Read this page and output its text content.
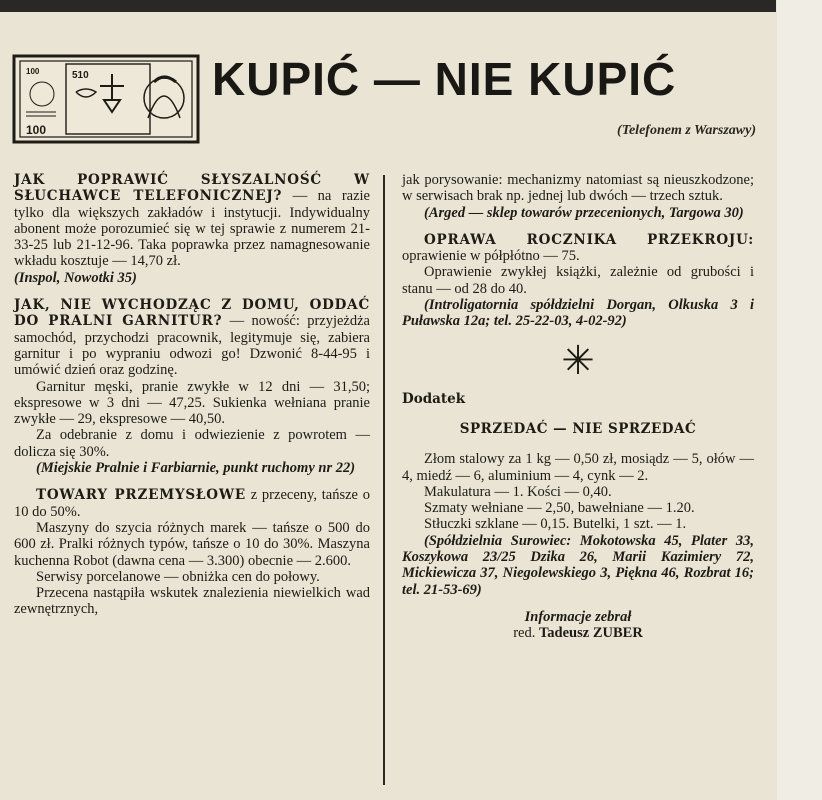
100	510
100
KUPIĆ — NIE KUPIĆ
(Telefonem z Warszawy)

JAK POPRAWIĆ SŁYSZALNOŚĆ W SŁUCHAWCE TELEFONICZNEJ? — na razie tylko dla większych zakładów i instytucji. Indywidualny abonent może porozumieć się w tej sprawie z numerem 21-33-25 lub 21-12-96. Taka poprawka przez namagnesowanie wkładu kosztuje — 14,70 zł.

(Inspol, Nowotki 35)

JAK, NIE WYCHODZĄC Z DOMU, ODDAĆ DO PRALNI GARNITUR? — nowość: przyjeżdża samochód, przychodzi pracownik, legitymuje się, zabiera garnitur i po wypraniu odwozi go! Dzwonić 8-44-95 i umówić dzień oraz godzinę.

Garnitur męski, pranie zwykłe w 12 dni — 31,50; ekspresowe w 3 dni — 47,25. Sukienka wełniana pranie zwykłe — 29, ekspresowe — 40,50.

Za odebranie z domu i odwiezienie z powrotem — dolicza się 30%.

(Miejskie Pralnie i Farbiarnie, punkt ruchomy nr 22)

TOWARY PRZEMYSŁOWE z przeceny, tańsze o 10 do 50%.

Maszyny do szycia różnych marek — tańsze o 500 do 600 zł. Pralki różnych typów, tańsze o 10 do 30%. Maszyna kuchenna Robot (dawna cena — 3.300) obecnie — 2.600.

Serwisy porcelanowe — obniżka cen do połowy.

Przecena nastąpiła wskutek znalezienia niewielkich wad zewnętrznych,

jak porysowanie: mechanizmy natomiast są nieuszkodzone; w serwisach brak np. jednej lub dwóch — trzech sztuk.

(Arged — sklep towarów przecenionych, Targowa 30)

OPRAWA ROCZNIKA PRZEKROJU: oprawienie w półpłótno — 75.

Oprawienie zwykłej książki, zależnie od grubości i stanu — od 28 do 40.

(Introligatornia spółdzielni Dorgan, Olkuska 3 i Puławska 12a; tel. 25-22-03, 4-02-92)

✳
Dodatek
SPRZEDAĆ — NIE SPRZEDAĆ

Złom stalowy za 1 kg — 0,50 zł, mosiądz — 5, ołów — 4, miedź — 6, aluminium — 4, cynk — 2.

Makulatura — 1. Kości — 0,40.

Szmaty wełniane — 2,50, bawełniane — 1.20.

Stłuczki szklane — 0,15. Butelki, 1 szt. — 1.

(Spółdzielnia Surowiec: Mokotowska 45, Plater 33, Koszykowa 23/25 Dzika 26, Marii Kazimiery 72, Mickiewicza 37, Niegolewskiego 3, Piękna 46, Rozbrat 16; tel. 21-53-69)

Informacje zebrał
red. Tadeusz ZUBER
